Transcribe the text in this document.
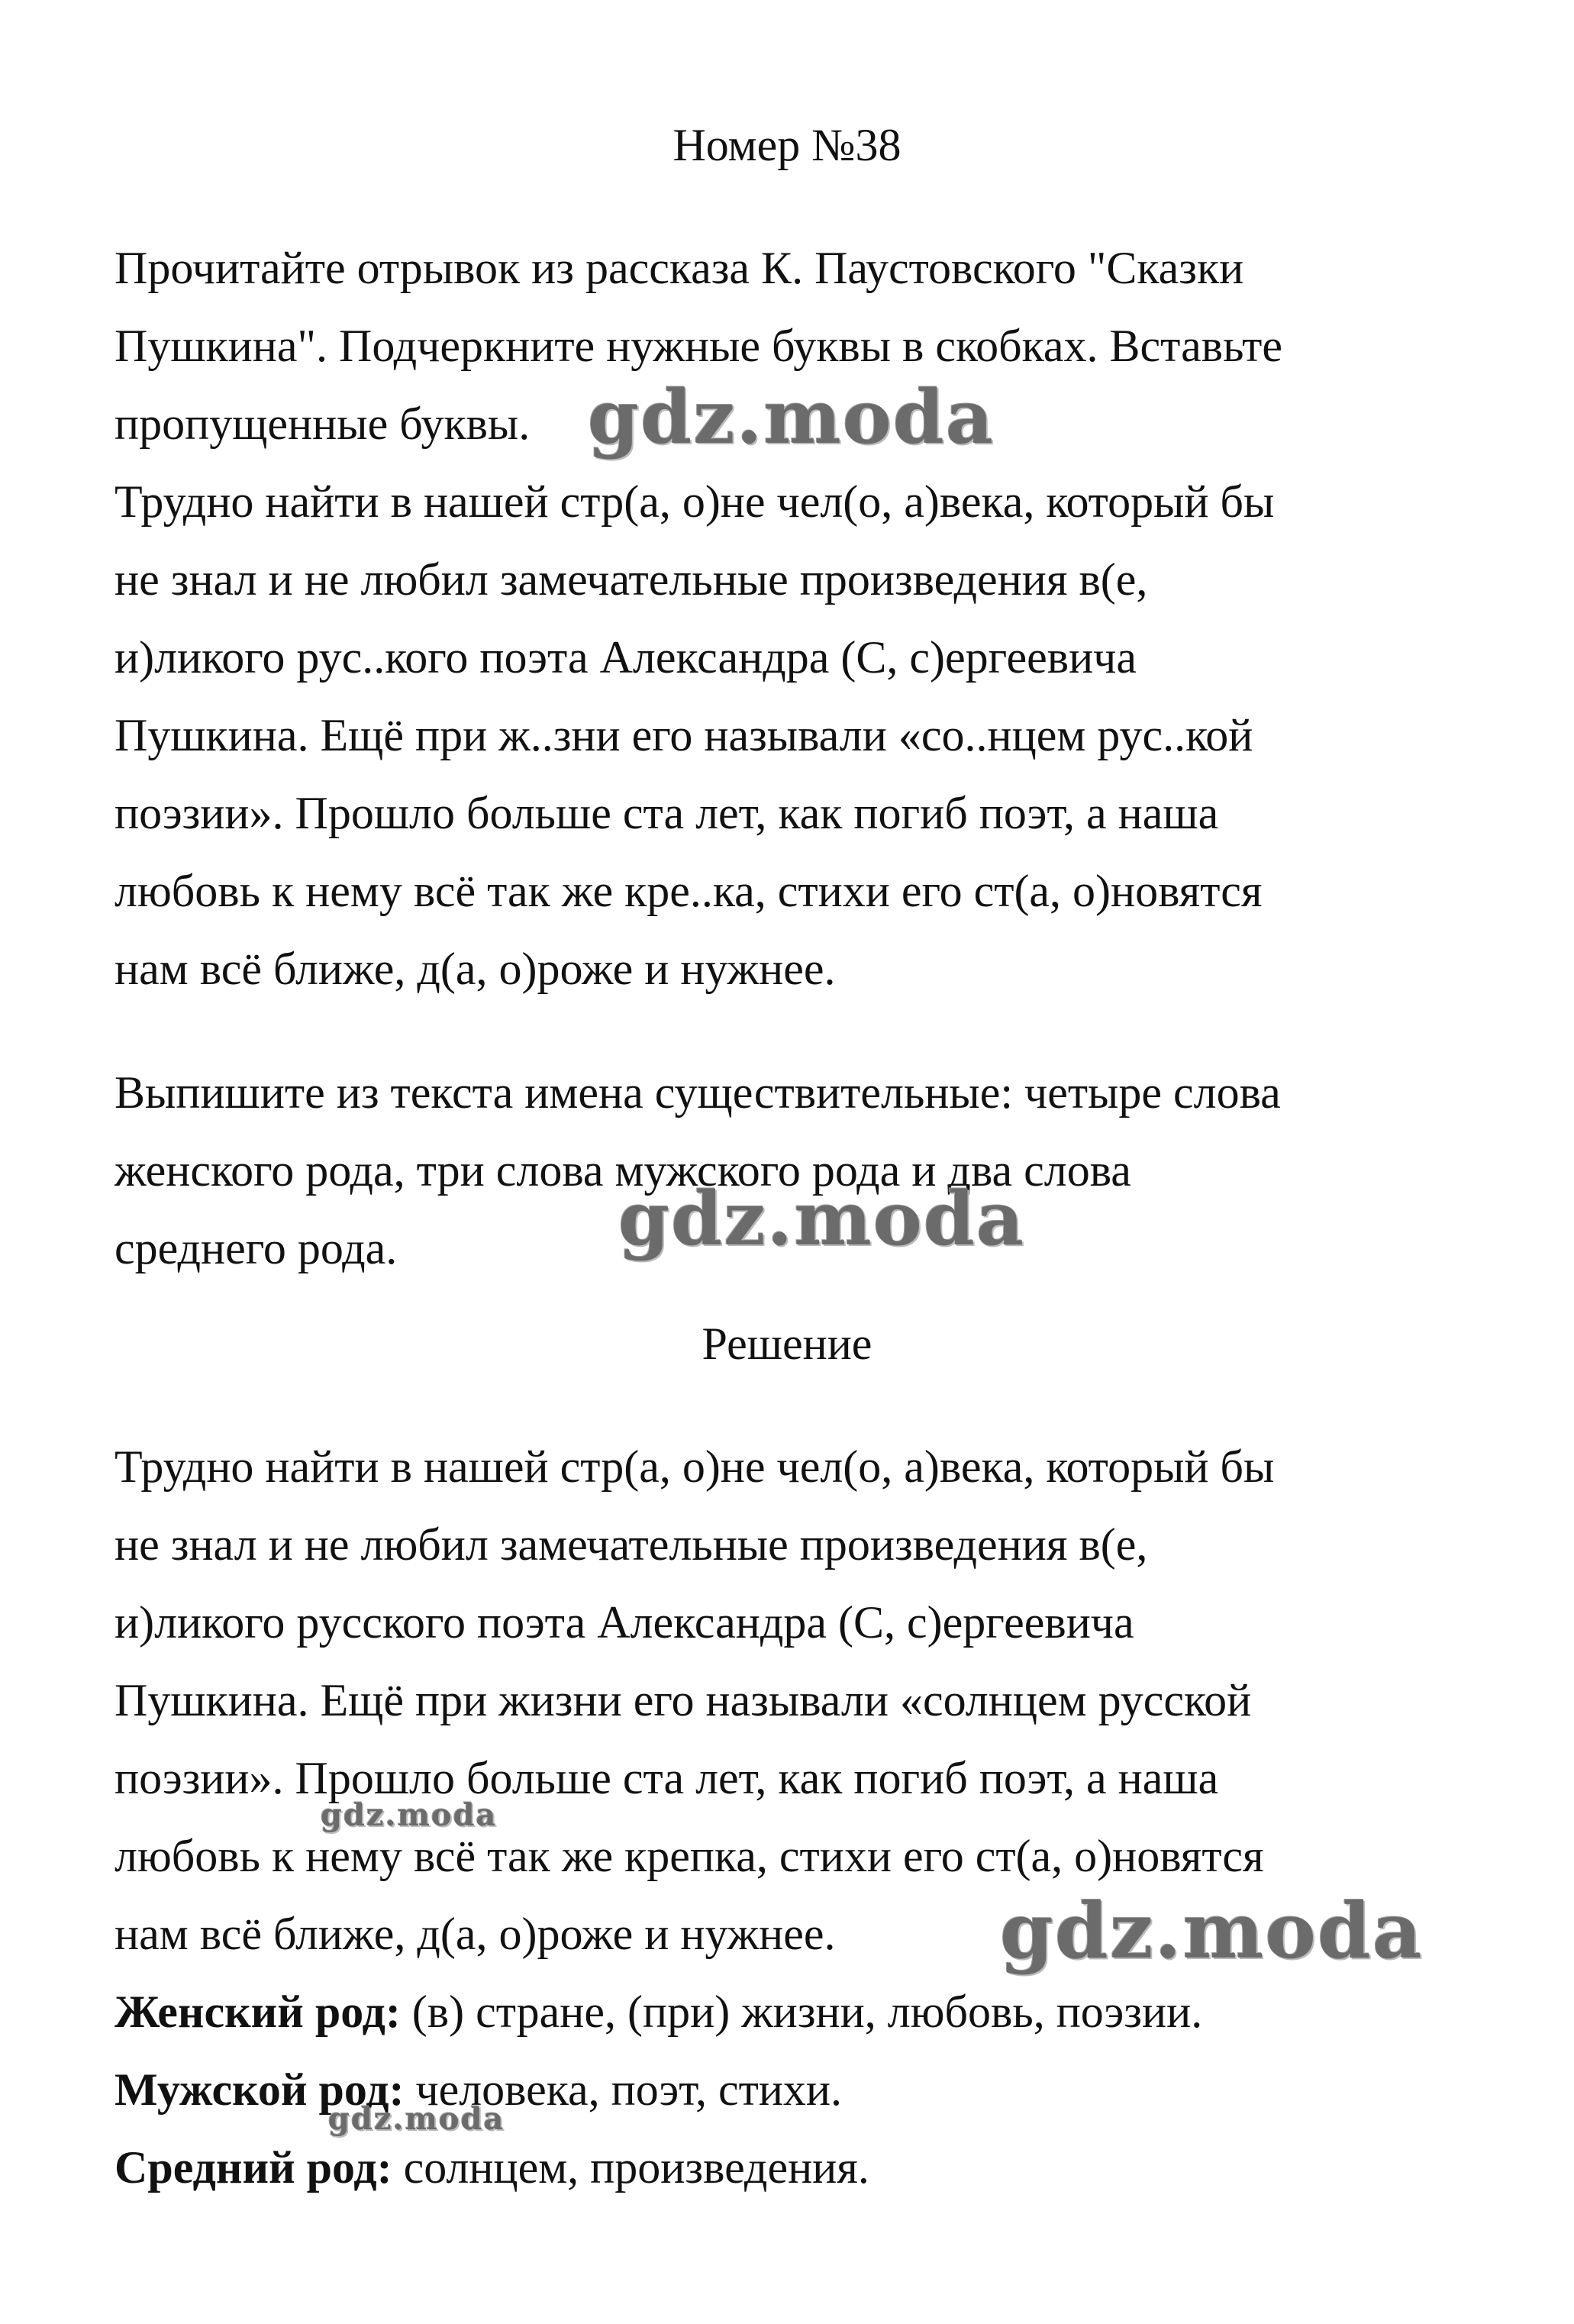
Номер №38
Прочитайте отрывок из рассказа К. Паустовского "Сказки
Пушкина". Подчеркните нужные буквы в скобках. Вставьте
пропущенные буквы.
Трудно найти в нашей стр(а, о)не чел(о, а)века, который бы
не знал и не любил замечательные произведения в(е,
и)ликого рус..кого поэта Александра (С, с)ергеевича
Пушкина. Ещё при ж..зни его называли «со..нцем рус..кой
поэзии». Прошло больше ста лет, как погиб поэт, а наша
любовь к нему всё так же кре..ка, стихи его ст(а, о)новятся
нам всё ближе, д(а, о)роже и нужнее.
Выпишите из текста имена существительные: четыре слова
женского рода, три слова мужского рода и два слова
среднего рода.
Решение
Трудно найти в нашей стр(а, о)не чел(о, а)века, который бы
не знал и не любил замечательные произведения в(е,
и)ликого русского поэта Александра (С, с)ергеевича
Пушкина. Ещё при жизни его называли «солнцем русской
поэзии». Прошло больше ста лет, как погиб поэт, а наша
любовь к нему всё так же крепка, стихи его ст(а, о)новятся
нам всё ближе, д(а, о)роже и нужнее.
Женский род: (в) стране, (при) жизни, любовь, поэзии.
Мужской род: человека, поэт, стихи.
Средний род: солнцем, произведения.
gdz.moda
gdz.moda
gdz.moda
gdz.moda
gdz.moda
